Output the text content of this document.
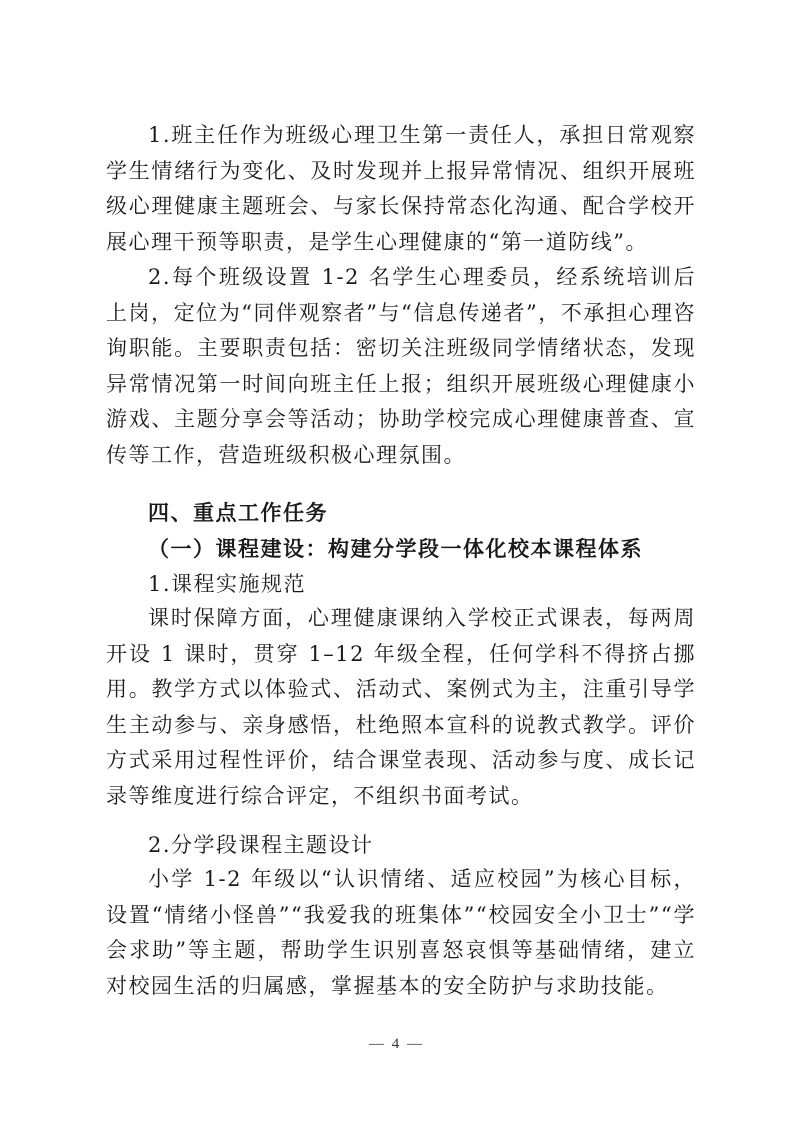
1.班主任作为班级心理卫生第一责任人，承担日常观察学生情绪行为变化、及时发现并上报异常情况、组织开展班级心理健康主题班会、与家长保持常态化沟通、配合学校开展心理干预等职责，是学生心理健康的“第一道防线”。

2.每个班级设置 1-2 名学生心理委员，经系统培训后上岗，定位为“同伴观察者”与“信息传递者”，不承担心理咨询职能。主要职责包括：密切关注班级同学情绪状态，发现异常情况第一时间向班主任上报；组织开展班级心理健康小游戏、主题分享会等活动；协助学校完成心理健康普查、宣传等工作，营造班级积极心理氛围。

四、重点工作任务

（一）课程建设：构建分学段一体化校本课程体系

1.课程实施规范

课时保障方面，心理健康课纳入学校正式课表，每两周开设 1 课时，贯穿 1–12 年级全程，任何学科不得挤占挪用。教学方式以体验式、活动式、案例式为主，注重引导学生主动参与、亲身感悟，杜绝照本宣科的说教式教学。评价方式采用过程性评价，结合课堂表现、活动参与度、成长记录等维度进行综合评定，不组织书面考试。

2.分学段课程主题设计

小学 1-2 年级以“认识情绪、适应校园”为核心目标，设置“情绪小怪兽”“我爱我的班集体”“校园安全小卫士”“学会求助”等主题，帮助学生识别喜怒哀惧等基础情绪，建立对校园生活的归属感，掌握基本的安全防护与求助技能。

— 4 —
